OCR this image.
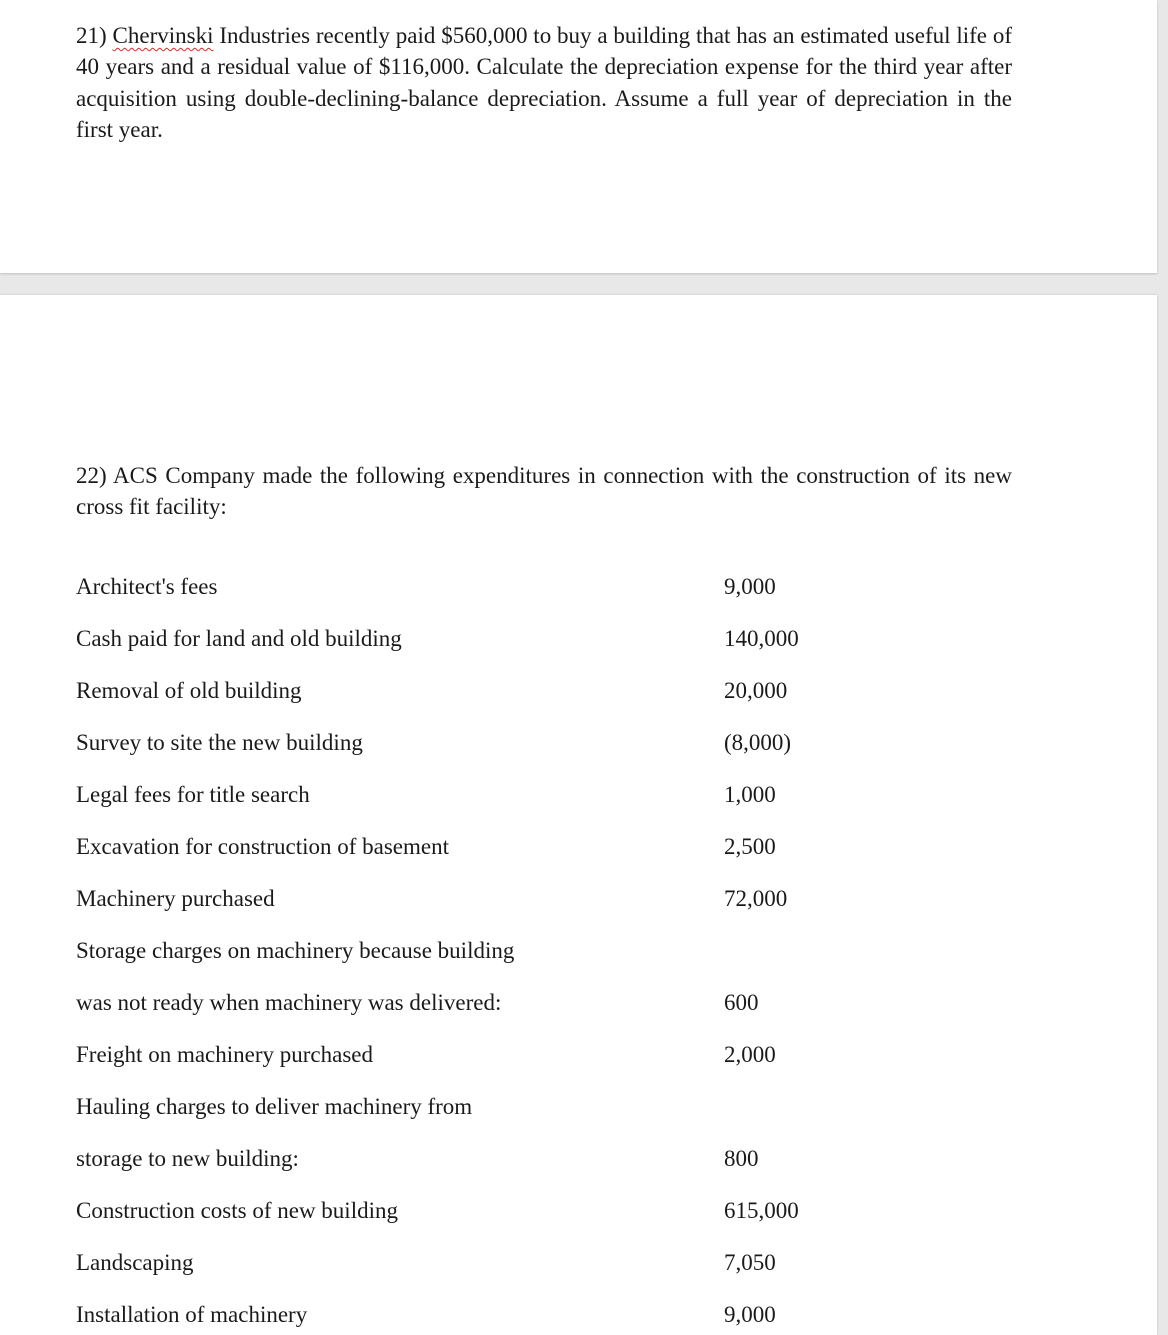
21) Chervinski Industries recently paid $560,000 to buy a building that has an estimated useful life of 40 years and a residual value of $116,000. Calculate the depreciation expense for the third year after acquisition using double-declining-balance depreciation. Assume a full year of depreciation in the first year.

22) ACS Company made the following expenditures in connection with the construction of its new cross fit facility:

Architect's fees	9,000
Cash paid for land and old building	140,000
Removal of old building	20,000
Survey to site the new building	(8,000)
Legal fees for title search	1,000
Excavation for construction of basement	2,500
Machinery purchased	72,000
Storage charges on machinery because building
was not ready when machinery was delivered:	600
Freight on machinery purchased	2,000
Hauling charges to deliver machinery from
storage to new building:	800
Construction costs of new building	615,000
Landscaping	7,050
Installation of machinery	9,000
